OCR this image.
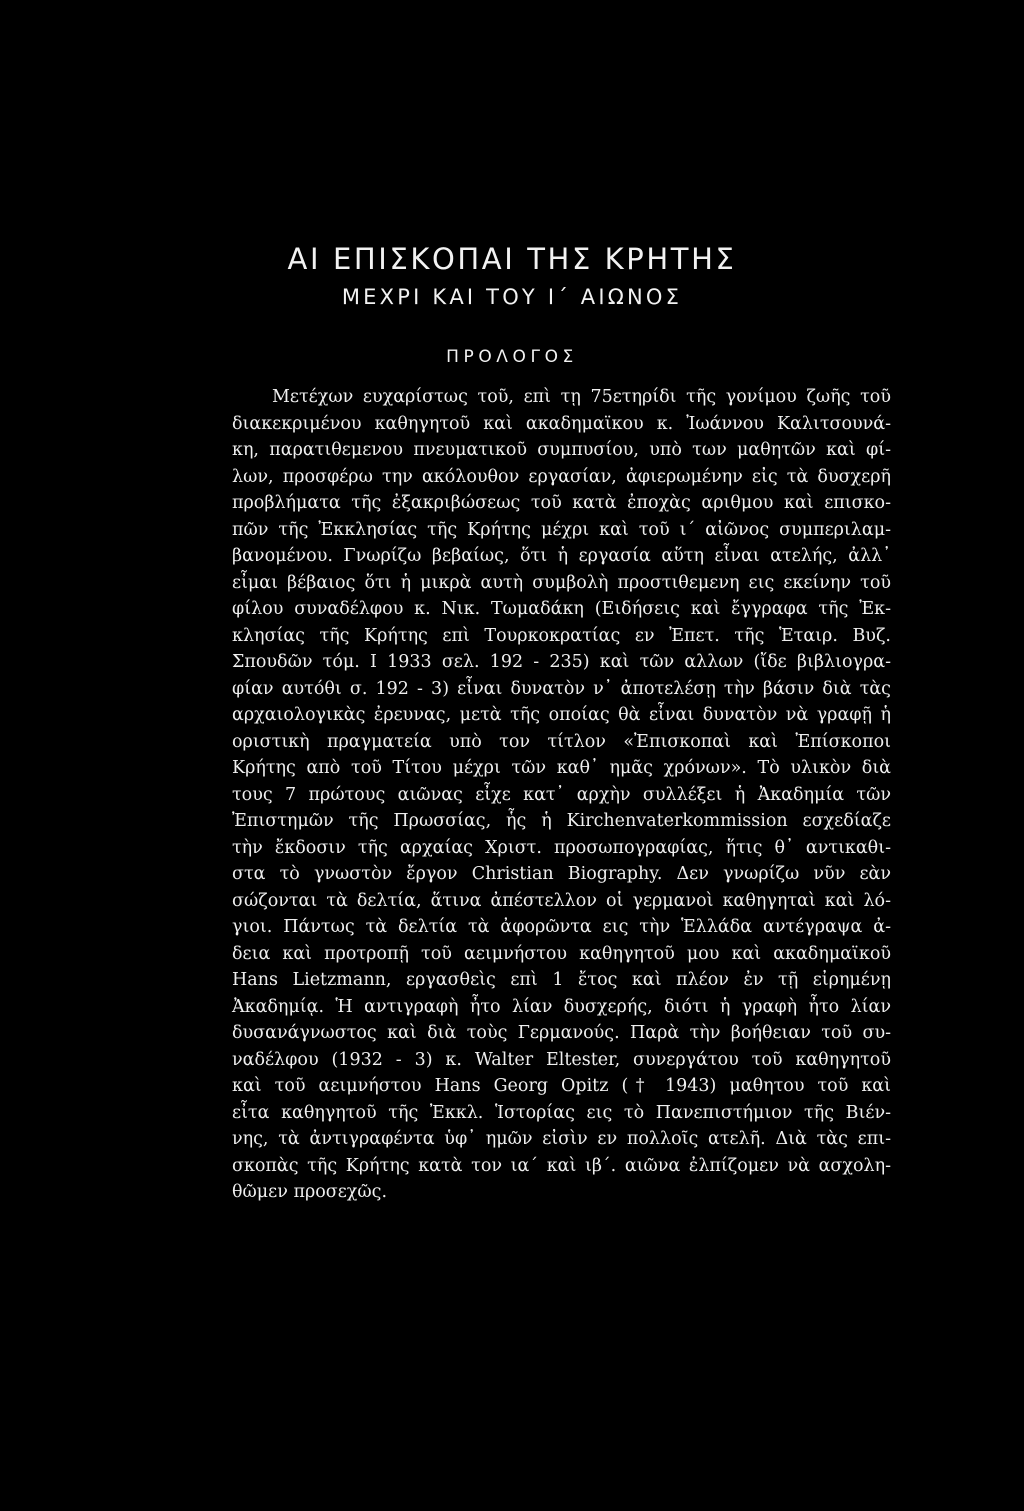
ΑΙ ΕΠΙΣΚΟΠΑΙ ΤΗΣ ΚΡΗΤΗΣ
ΜΕΧΡΙ ΚΑΙ ΤΟΥ Ι΄ ΑΙΩΝΟΣ
ΠΡΟΛΟΓΟΣ
Μετέχων ευχαρίστως τοῦ, επὶ τῃ 75ετηρίδι τῆς γονίμου ζωῆς τοῦ
διακεκριμένου καθηγητοῦ καὶ ακαδημαϊκου κ. Ἰωάννου Καλιτσουνά-
κη, παρατιθεμενου πνευματικοῦ συμπυσίου, υπὸ των μαθητῶν καὶ φί-
λων, προσφέρω την ακόλουθον εργασίαν, ἀφιερωμένην εἰς τὰ δυσχερῆ
προβλήματα τῆς ἐξακριβώσεως τοῦ κατὰ ἐποχὰς αριθμου καὶ επισκο-
πῶν τῆς Ἐκκλησίας τῆς Κρήτης μέχρι καὶ τοῦ ι΄ αἰῶνος συμπεριλαμ-
βανομένου. Γνωρίζω βεβαίως, ὅτι ἡ εργασία αὕτη εἶναι ατελής, ἀλλ᾽
εἶμαι βέβαιος ὅτι ἡ μικρὰ αυτὴ συμβολὴ προστιθεμενη εις εκείνην τοῦ
φίλου συναδέλφου κ. Νικ. Τωμαδάκη (Ειδήσεις καὶ ἔγγραφα τῆς Ἐκ-
κλησίας τῆς Κρήτης επὶ Τουρκοκρατίας εν Ἐπετ. τῆς Ἑταιρ. Βυζ.
Σπουδῶν τόμ. Ι 1933 σελ. 192 - 235) καὶ τῶν αλλων (ἴδε βιβλιογρα-
φίαν αυτόθι σ. 192 - 3) εἶναι δυνατὸν ν᾽ ἀποτελέσῃ τὴν βάσιν διὰ τὰς
αρχαιολογικὰς ἐρευνας, μετὰ τῆς οποίας θὰ εἶναι δυνατὸν νὰ γραφῇ ἡ
οριστικὴ πραγματεία υπὸ τον τίτλον «Ἐπισκοπαὶ καὶ Ἐπίσκοποι
Κρήτης απὸ τοῦ Τίτου μέχρι τῶν καθ᾽ ημᾶς χρόνων». Τὸ υλικὸν διὰ
τους 7 πρώτους αιῶνας εἶχε κατ᾽ αρχὴν συλλέξει ἡ Ἀκαδημία τῶν
Ἐπιστημῶν τῆς Πρωσσίας, ἧς ἡ Kirchenvaterkommission εσχεδίαζε
τὴν ἔκδοσιν τῆς αρχαίας Χριστ. προσωπογραφίας, ἥτις θ᾽ αντικαθι-
στα τὸ γνωστὸν ἔργον Christian Biography. Δεν γνωρίζω νῦν εὰν
σώζονται τὰ δελτία, ἅτινα ἀπέστελλον οἱ γερμανοὶ καθηγηταὶ καὶ λό-
γιοι. Πάντως τὰ δελτία τὰ ἀφορῶντα εις τὴν Ἑλλάδα αντέγραψα ἀ-
δεια καὶ προτροπῇ τοῦ αειμνήστου καθηγητοῦ μου καὶ ακαδημαϊκοῦ
Hans Lietzmann, εργασθεὶς επὶ 1 ἔτος καὶ πλέον ἐν τῇ εἰρημένῃ
Ἀκαδημίᾳ. Ἡ αντιγραφὴ ἦτο λίαν δυσχερής, διότι ἡ γραφὴ ἦτο λίαν
δυσανάγνωστος καὶ διὰ τοὺς Γερμανούς. Παρὰ τὴν βοήθειαν τοῦ συ-
ναδέλφου (1932 - 3) κ. Walter Eltester, συνεργάτου τοῦ καθηγητοῦ
καὶ τοῦ αειμνήστου Hans Georg Opitz († 1943) μαθητου τοῦ καὶ
εἶτα καθηγητοῦ τῆς Ἐκκλ. Ἱστορίας εις τὸ Πανεπιστήμιον τῆς Βιέν-
νης, τὰ ἀντιγραφέντα ὑφ᾽ ημῶν εἰσὶν εν πολλοῖς ατελῆ. Διὰ τὰς επι-
σκοπὰς τῆς Κρήτης κατὰ τον ια΄ καὶ ιβ΄. αιῶνα ἐλπίζομεν νὰ ασχολη-
θῶμεν προσεχῶς.
